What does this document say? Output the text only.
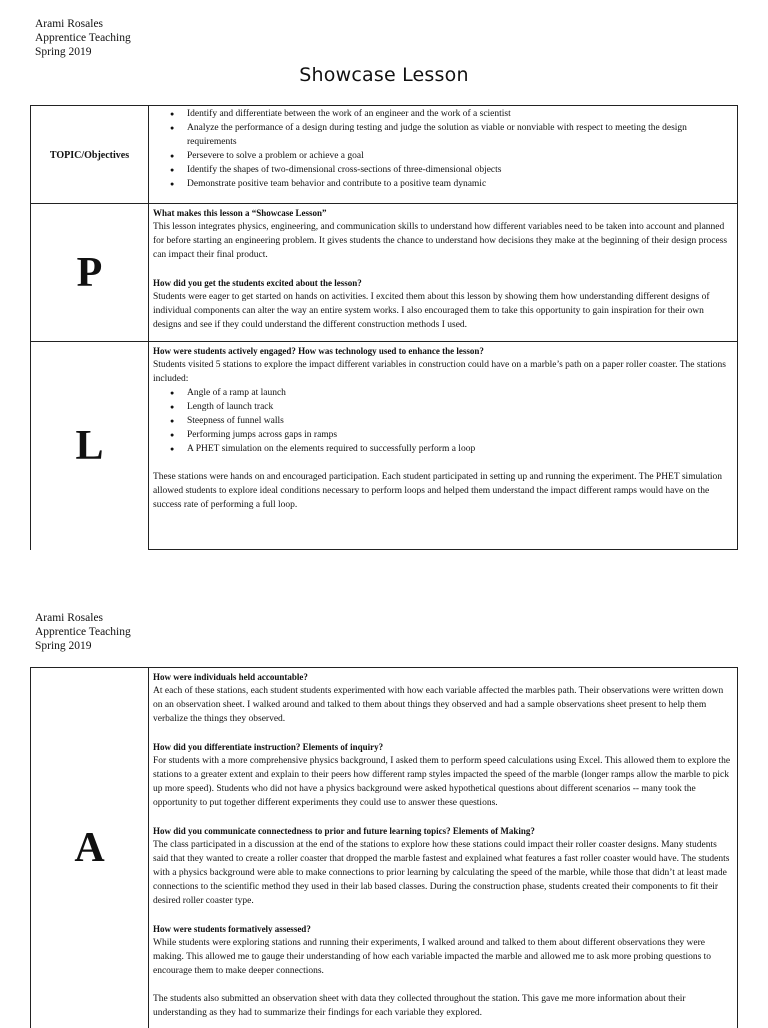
Arami Rosales
Apprentice Teaching
Spring 2019
Showcase Lesson
TOPIC/Objectives
● Identify and differentiate between the work of an engineer and the work of a scientist
● Analyze the performance of a design during testing and judge the solution as viable or nonviable with respect to meeting the design requirements
● Persevere to solve a problem or achieve a goal
● Identify the shapes of two-dimensional cross-sections of three-dimensional objects
● Demonstrate positive team behavior and contribute to a positive team dynamic
P
What makes this lesson a “Showcase Lesson”

This lesson integrates physics, engineering, and communication skills to understand how different variables need to be taken into account and planned for before starting an engineering problem. It gives students the chance to understand how decisions they make at the beginning of their design process can impact their final product.

How did you get the students excited about the lesson?

Students were eager to get started on hands on activities. I excited them about this lesson by showing them how understanding different designs of individual components can alter the way an entire system works. I also encouraged them to take this opportunity to gain inspiration for their own designs and see if they could understand the different construction methods I used.

L
How were students actively engaged? How was technology used to enhance the lesson?

Students visited 5 stations to explore the impact different variables in construction could have on a marble’s path on a paper roller coaster. The stations included:

● Angle of a ramp at launch
● Length of launch track
● Steepness of funnel walls
● Performing jumps across gaps in ramps
● A PHET simulation on the elements required to successfully perform a loop

These stations were hands on and encouraged participation. Each student participated in setting up and running the experiment. The PHET simulation allowed students to explore ideal conditions necessary to perform loops and helped them understand the impact different ramps would have on the success rate of performing a full loop.

Arami Rosales
Apprentice Teaching
Spring 2019
A
How were individuals held accountable?

At each of these stations, each student students experimented with how each variable affected the marbles path. Their observations were written down on an observation sheet. I walked around and talked to them about things they observed and had a sample observations sheet present to help them verbalize the things they observed.

How did you differentiate instruction? Elements of inquiry?

For students with a more comprehensive physics background, I asked them to perform speed calculations using Excel. This allowed them to explore the stations to a greater extent and explain to their peers how different ramp styles impacted the speed of the marble (longer ramps allow the marble to pick up more speed). Students who did not have a physics background were asked hypothetical questions about different scenarios -- many took the opportunity to put together different experiments they could use to answer these questions.

How did you communicate connectedness to prior and future learning topics? Elements of Making?

The class participated in a discussion at the end of the stations to explore how these stations could impact their roller coaster designs. Many students said that they wanted to create a roller coaster that dropped the marble fastest and explained what features a fast roller coaster would have. The students with a physics background were able to make connections to prior learning by calculating the speed of the marble, while those that didn’t at least made connections to the scientific method they used in their lab based classes. During the construction phase, students created their components to fit their desired roller coaster type.

How were students formatively assessed?

While students were exploring stations and running their experiments, I walked around and talked to them about different observations they were making. This allowed me to gauge their understanding of how each variable impacted the marble and allowed me to ask more probing questions to encourage them to make deeper connections.

The students also submitted an observation sheet with data they collected throughout the station. This gave me more information about their understanding as they had to summarize their findings for each variable they explored.
